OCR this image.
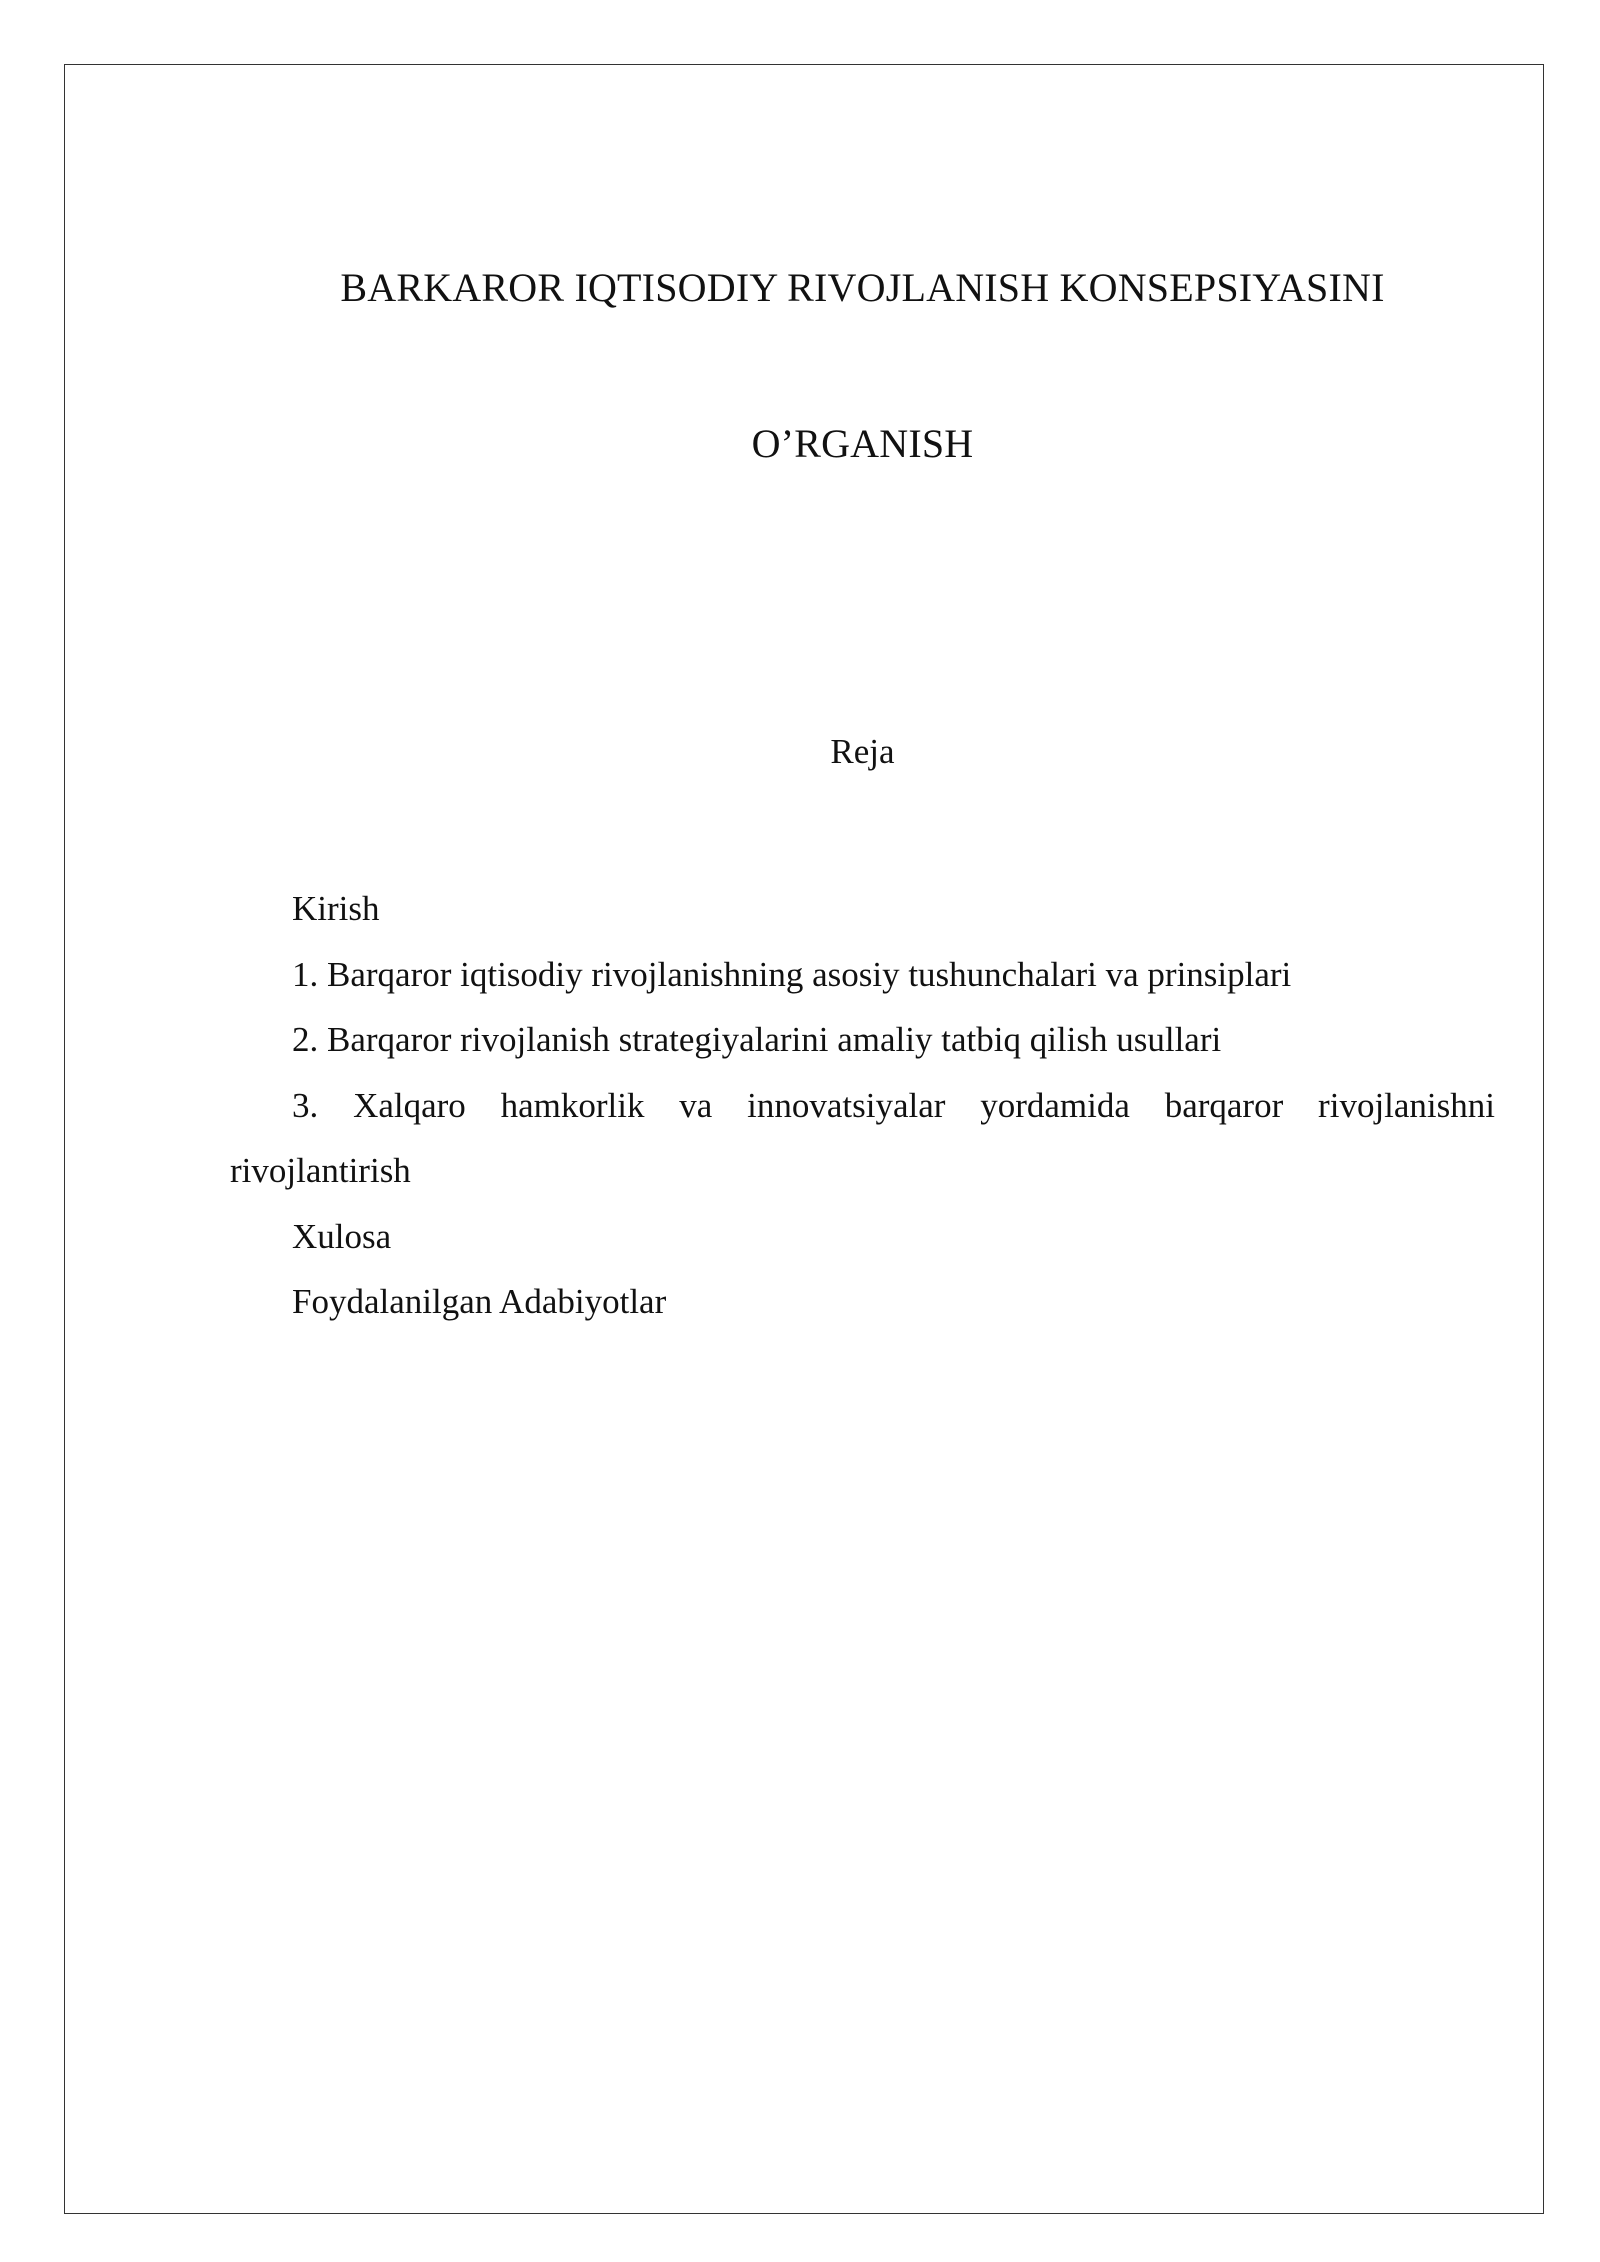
BARKAROR IQTISODIY RIVOJLANISH KONSEPSIYASINI
O’RGANISH
Reja

Kirish

1. Barqaror iqtisodiy rivojlanishning asosiy tushunchalari va prinsiplari

2. Barqaror rivojlanish strategiyalarini amaliy tatbiq qilish usullari

3. Xalqaro hamkorlik va innovatsiyalar yordamida barqaror rivojlanishni rivojlantirish

Xulosa

Foydalanilgan Adabiyotlar
